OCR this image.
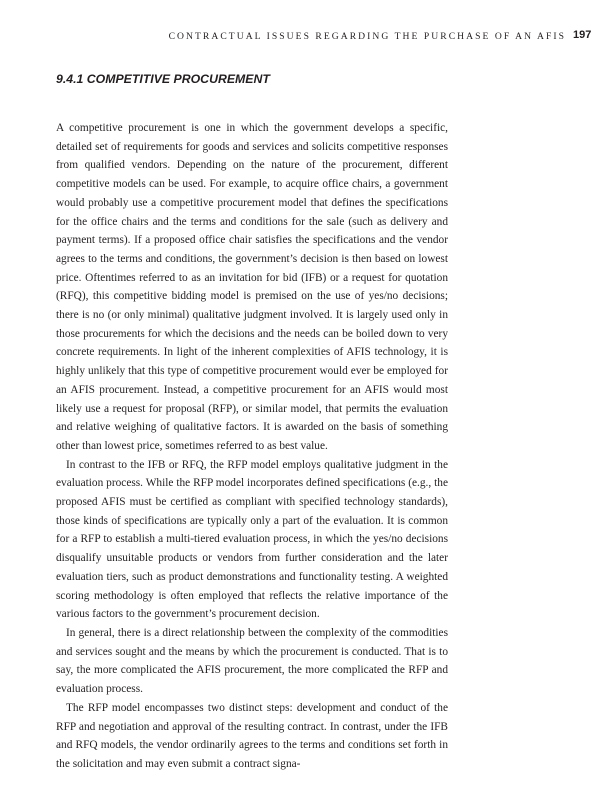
CONTRACTUAL ISSUES REGARDING THE PURCHASE OF AN AFIS 197
9.4.1 COMPETITIVE PROCUREMENT

A competitive procurement is one in which the government develops a specific, detailed set of requirements for goods and services and solicits competitive responses from qualified vendors. Depending on the nature of the procurement, different competitive models can be used. For example, to acquire office chairs, a government would probably use a competitive procurement model that defines the specifications for the office chairs and the terms and conditions for the sale (such as delivery and payment terms). If a proposed office chair satisfies the specifications and the vendor agrees to the terms and conditions, the government’s decision is then based on lowest price. Oftentimes referred to as an invitation for bid (IFB) or a request for quotation (RFQ), this competitive bidding model is premised on the use of yes/no decisions; there is no (or only minimal) qualitative judgment involved. It is largely used only in those procurements for which the decisions and the needs can be boiled down to very concrete requirements. In light of the inherent complexities of AFIS technology, it is highly unlikely that this type of competitive procurement would ever be employed for an AFIS procurement. Instead, a competitive procurement for an AFIS would most likely use a request for proposal (RFP), or similar model, that permits the evaluation and relative weighing of qualitative factors. It is awarded on the basis of something other than lowest price, sometimes referred to as best value.

In contrast to the IFB or RFQ, the RFP model employs qualitative judgment in the evaluation process. While the RFP model incorporates defined specifications (e.g., the proposed AFIS must be certified as compliant with specified technology standards), those kinds of specifications are typically only a part of the evaluation. It is common for a RFP to establish a multi-tiered evaluation process, in which the yes/no decisions disqualify unsuitable products or vendors from further consideration and the later evaluation tiers, such as product demonstrations and functionality testing. A weighted scoring methodology is often employed that reflects the relative importance of the various factors to the government’s procurement decision.

In general, there is a direct relationship between the complexity of the commodities and services sought and the means by which the procurement is conducted. That is to say, the more complicated the AFIS procurement, the more complicated the RFP and evaluation process.

The RFP model encompasses two distinct steps: development and conduct of the RFP and negotiation and approval of the resulting contract. In contrast, under the IFB and RFQ models, the vendor ordinarily agrees to the terms and conditions set forth in the solicitation and may even submit a contract signa-
